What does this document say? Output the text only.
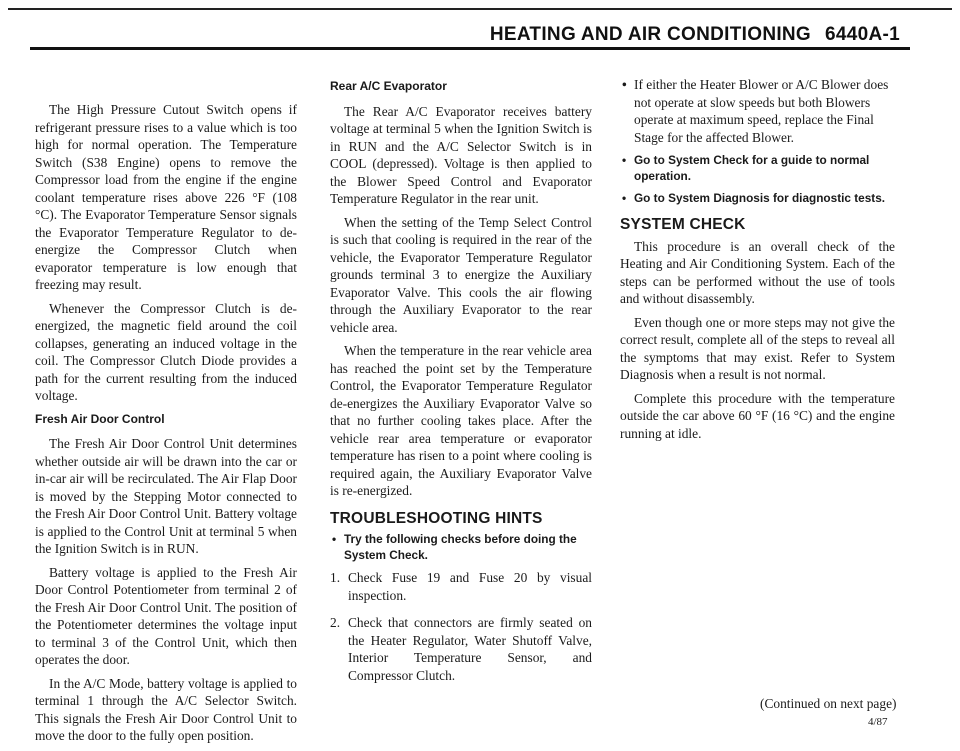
HEATING AND AIR CONDITIONING 6440A-1

The High Pressure Cutout Switch opens if refrigerant pressure rises to a value which is too high for normal operation. The Temperature Switch (S38 Engine) opens to remove the Compressor load from the engine if the engine coolant temperature rises above 226 °F (108 °C). The Evaporator Temperature Sensor signals the Evaporator Temperature Regulator to de-energize the Compressor Clutch when evaporator temperature is low enough that freezing may result.

Whenever the Compressor Clutch is de-energized, the magnetic field around the coil collapses, generating an induced voltage in the coil. The Compressor Clutch Diode provides a path for the current resulting from the induced voltage.

Fresh Air Door Control

The Fresh Air Door Control Unit determines whether outside air will be drawn into the car or in-car air will be recirculated. The Air Flap Door is moved by the Stepping Motor connected to the Fresh Air Door Control Unit. Battery voltage is applied to the Control Unit at terminal 5 when the Ignition Switch is in RUN.

Battery voltage is applied to the Fresh Air Door Control Potentiometer from terminal 2 of the Fresh Air Door Control Unit. The position of the Potentiometer determines the voltage input to terminal 3 of the Control Unit, which then operates the door.

In the A/C Mode, battery voltage is applied to terminal 1 through the A/C Selector Switch. This signals the Fresh Air Door Control Unit to move the door to the fully open position.

Rear A/C Evaporator

The Rear A/C Evaporator receives battery voltage at terminal 5 when the Ignition Switch is in RUN and the A/C Selector Switch is in COOL (depressed). Voltage is then applied to the Blower Speed Control and Evaporator Temperature Regulator in the rear unit.

When the setting of the Temp Select Control is such that cooling is required in the rear of the vehicle, the Evaporator Temperature Regulator grounds terminal 3 to energize the Auxiliary Evaporator Valve. This cools the air flowing through the Auxiliary Evaporator to the rear vehicle area.

When the temperature in the rear vehicle area has reached the point set by the Temperature Control, the Evaporator Temperature Regulator de-energizes the Auxiliary Evaporator Valve so that no further cooling takes place. After the vehicle rear area temperature or evaporator temperature has risen to a point where cooling is required again, the Auxiliary Evaporator Valve is re-energized.

TROUBLESHOOTING HINTS
• Try the following checks before doing the System Check.
1. Check Fuse 19 and Fuse 20 by visual inspection.
2. Check that connectors are firmly seated on the Heater Regulator, Water Shutoff Valve, Interior Temperature Sensor, and Compressor Clutch.
• If either the Heater Blower or A/C Blower does not operate at slow speeds but both Blowers operate at maximum speed, replace the Final Stage for the affected Blower.
• Go to System Check for a guide to normal operation.
• Go to System Diagnosis for diagnostic tests.
SYSTEM CHECK

This procedure is an overall check of the Heating and Air Conditioning System. Each of the steps can be performed without the use of tools and without disassembly.

Even though one or more steps may not give the correct result, complete all of the steps to reveal all the symptoms that may exist. Refer to System Diagnosis when a result is not normal.

Complete this procedure with the temperature outside the car above 60 °F (16 °C) and the engine running at idle.

(Continued on next page)
4/87
